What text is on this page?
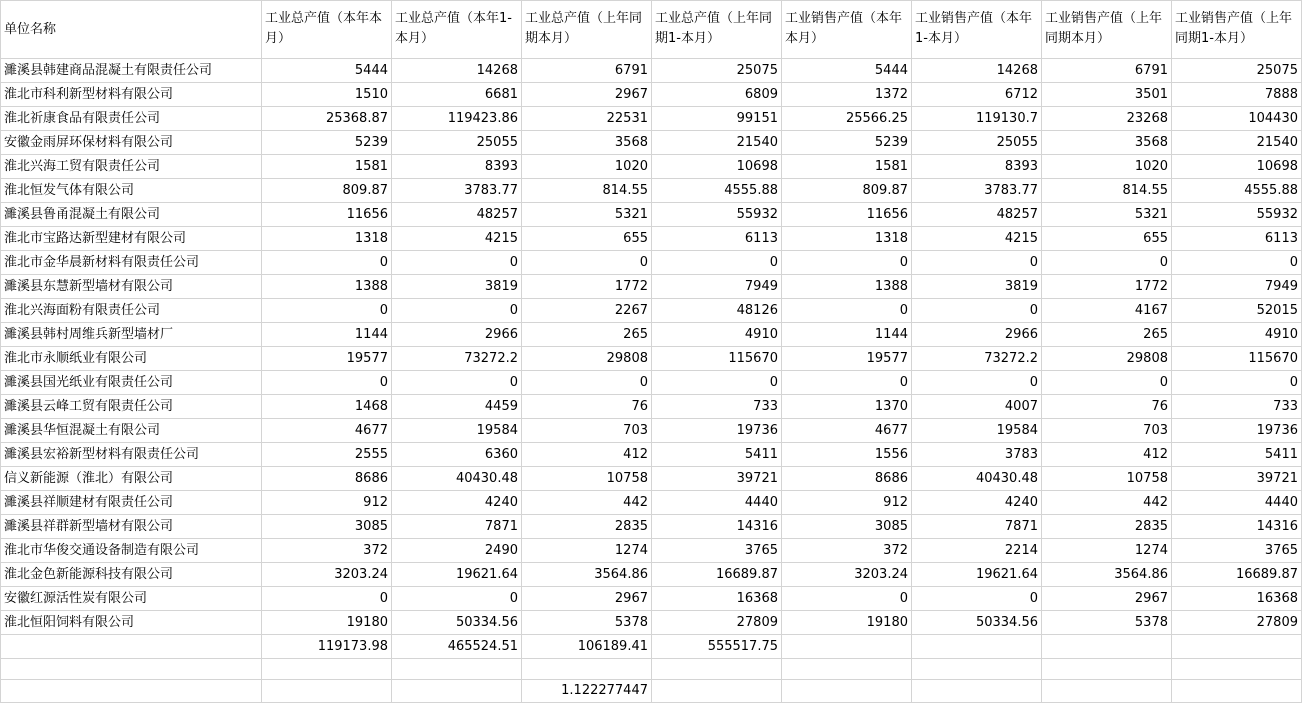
单位名称	工业总产值（本年本月）	工业总产值（本年1-本月）	工业总产值（上年同期本月）	工业总产值（上年同期1-本月）	工业销售产值（本年本月）	工业销售产值（本年1-本月）	工业销售产值（上年同期本月）	工业销售产值（上年同期1-本月）
濉溪县韩建商品混凝土有限责任公司	5444	14268	6791	25075	5444	14268	6791	25075
淮北市科利新型材料有限公司	1510	6681	2967	6809	1372	6712	3501	7888
淮北祈康食品有限责任公司	25368.87	119423.86	22531	99151	25566.25	119130.7	23268	104430
安徽金雨屏环保材料有限公司	5239	25055	3568	21540	5239	25055	3568	21540
淮北兴海工贸有限责任公司	1581	8393	1020	10698	1581	8393	1020	10698
淮北恒发气体有限公司	809.87	3783.77	814.55	4555.88	809.87	3783.77	814.55	4555.88
濉溪县鲁甬混凝土有限公司	11656	48257	5321	55932	11656	48257	5321	55932
淮北市宝路达新型建材有限公司	1318	4215	655	6113	1318	4215	655	6113
淮北市金华晨新材料有限责任公司	0	0	0	0	0	0	0	0
濉溪县东慧新型墙材有限公司	1388	3819	1772	7949	1388	3819	1772	7949
淮北兴海面粉有限责任公司	0	0	2267	48126	0	0	4167	52015
濉溪县韩村周维兵新型墙材厂	1144	2966	265	4910	1144	2966	265	4910
淮北市永顺纸业有限公司	19577	73272.2	29808	115670	19577	73272.2	29808	115670
濉溪县国光纸业有限责任公司	0	0	0	0	0	0	0	0
濉溪县云峰工贸有限责任公司	1468	4459	76	733	1370	4007	76	733
濉溪县华恒混凝土有限公司	4677	19584	703	19736	4677	19584	703	19736
濉溪县宏裕新型材料有限责任公司	2555	6360	412	5411	1556	3783	412	5411
信义新能源（淮北）有限公司	8686	40430.48	10758	39721	8686	40430.48	10758	39721
濉溪县祥顺建材有限责任公司	912	4240	442	4440	912	4240	442	4440
濉溪县祥群新型墙材有限公司	3085	7871	2835	14316	3085	7871	2835	14316
淮北市华俊交通设备制造有限公司	372	2490	1274	3765	372	2214	1274	3765
淮北金色新能源科技有限公司	3203.24	19621.64	3564.86	16689.87	3203.24	19621.64	3564.86	16689.87
安徽红源活性炭有限公司	0	0	2967	16368	0	0	2967	16368
淮北恒阳饲料有限公司	19180	50334.56	5378	27809	19180	50334.56	5378	27809
	119173.98	465524.51	106189.41	555517.75				

			1.122277447					
